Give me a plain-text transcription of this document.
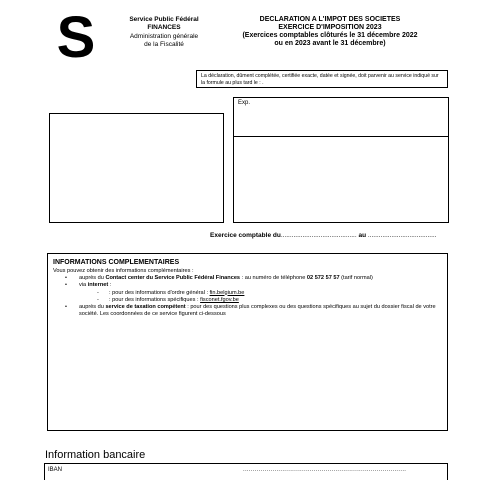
S	Service Public Fédéral
FINANCES
Administration générale
de la Fiscalité
DECLARATION A L'IMPOT DES SOCIETES
EXERCICE D'IMPOSITION 2023
(Exercices comptables clôturés le 31 décembre 2022
ou en 2023 avant le 31 décembre)
La déclaration, dûment complétée, certifiée exacte, datée et signée, doit parvenir au service indiqué sur la formule au plus tard le : .
Exp.
Exercice comptable du.......................................... au ......................................
INFORMATIONS COMPLEMENTAIRES
Vous pouvez obtenir des informations complémentaires :
• auprès du Contact center du Service Public Fédéral Finances : au numéro de téléphone 02 572 57 57 (tarif normal)
• via internet :
- : pour des informations d'ordre général : fin.belgium.be
- : pour des informations spécifiques : fisconet.fgov.be
• auprès du service de taxation compétent : pour des questions plus complexes ou des questions spécifiques au sujet du dossier fiscal de votre société. Les coordonnées de ce service figurent ci-dessous
Information bancaire
IBAN	...................................................................................
